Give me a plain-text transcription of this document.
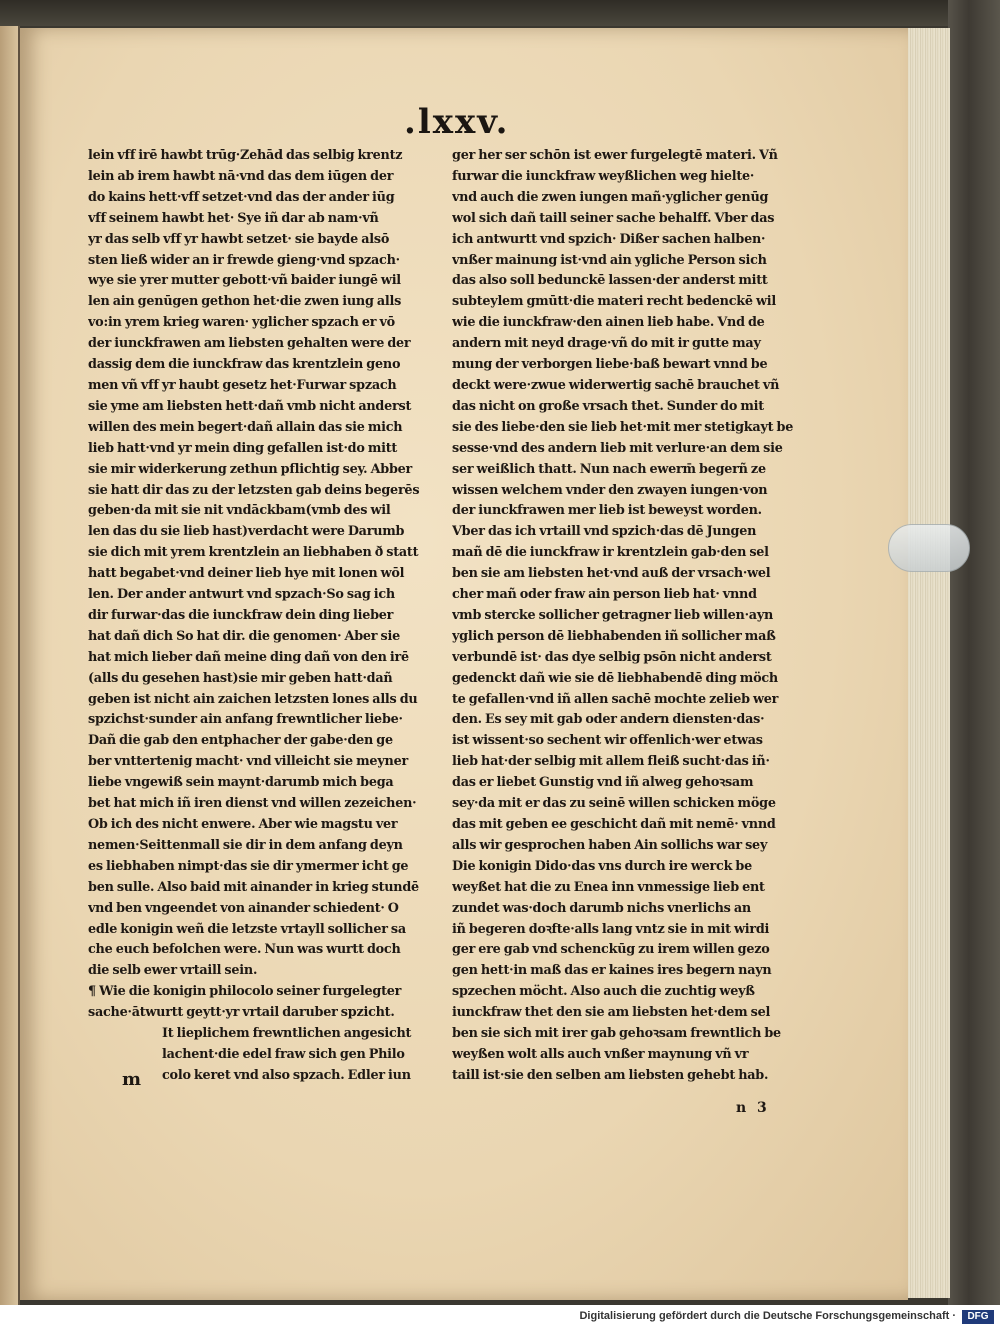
.lxxv.
lein vff irē hawbt trūg·Zehād das selbig krentz
lein ab irem hawbt nā·vnd das dem iūgen der
do kains hett·vff setzet·vnd das der ander iūg
vff seinem hawbt het· Sye iñ dar ab nam·vñ
yr das selb vff yr hawbt setzet· sie bayde alsō
sten ließ wider an ir frewde gieng·vnd spzach·
wye sie yrer mutter gebott·vñ baider iungē wil
len ain genūgen gethon het·die zwen iung alls
vo:in yrem krieg waren· yglicher spzach er vō
der iunckfrawen am liebsten gehalten were der
dassig dem die iunckfraw das krentzlein geno
men vñ vff yr haubt gesetz het·Furwar spzach
sie yme am liebsten hett·dañ vmb nicht anderst
willen des mein begert·dañ allain das sie mich
lieb hatt·vnd yr mein ding gefallen ist·do mitt
sie mir widerkerung zethun pflichtig sey. Abber
sie hatt dir das zu der letzsten gab deins begerēs
geben·da mit sie nit vndāckbam(vmb des wil
len das du sie lieb hast)verdacht were Darumb
sie dich mit yrem krentzlein an liebhaben ð statt
hatt begabet·vnd deiner lieb hye mit lonen wōl
len. Der ander antwurt vnd spzach·So sag ich
dir furwar·das die iunckfraw dein ding lieber
hat dañ dich So hat dir. die genomen· Aber sie
hat mich lieber dañ meine ding dañ von den irē
(alls du gesehen hast)sie mir geben hatt·dañ
geben ist nicht ain zaichen letzsten lones alls du
spzichst·sunder ain anfang frewntlicher liebe·
Dañ die gab den entphacher der gabe·den ge
ber vnttertenig macht· vnd villeicht sie meyner
liebe vngewiß sein maynt·darumb mich bega
bet hat mich iñ iren dienst vnd willen zezeichen·
Ob ich des nicht enwere. Aber wie magstu ver
nemen·Seittenmall sie dir in dem anfang deyn
es liebhaben nimpt·das sie dir ymermer icht ge
ben sulle. Also baid mit ainander in krieg stundē
vnd ben vngeendet von ainander schiedent· O
edle konigin weñ die letzste vrtayll sollicher sa
che euch befolchen were. Nun was wurtt doch
die selb ewer vrtaill sein.
¶ Wie die konigin philocolo seiner furgelegter
sache·ātwurtt geytt·yr vrtail daruber spzicht.
It lieplichem frewntlichen angesicht
lachent·die edel fraw sich gen Philo
colo keret vnd also spzach. Edler iun
ger her ser schōn ist ewer furgelegtē materi. Vñ
furwar die iunckfraw weyßlichen weg hielte·
vnd auch die zwen iungen mañ·yglicher genūg
wol sich dañ taill seiner sache behalff. Vber das
ich antwurtt vnd spzich· Dißer sachen halben·
vnßer mainung ist·vnd ain ygliche Person sich
das also soll bedunckē lassen·der anderst mitt
subteylem gmūtt·die materi recht bedenckē wil
wie die iunckfraw·den ainen lieb habe. Vnd de
andern mit neyd drage·vñ do mit ir gutte may
mung der verborgen liebe·baß bewart vnnd be
deckt were·zwue widerwertig sachē brauchet vñ
das nicht on große vrsach thet. Sunder do mit
sie des liebe·den sie lieb het·mit mer stetigkayt be
sesse·vnd des andern lieb mit verlure·an dem sie
ser weißlich thatt. Nun nach ewerm̄ begerñ ze
wissen welchem vnder den zwayen iungen·von
der iunckfrawen mer lieb ist beweyst worden.
Vber das ich vrtaill vnd spzich·das dē Jungen
mañ dē die iunckfraw ir krentzlein gab·den sel
ben sie am liebsten het·vnd auß der vrsach·wel
cher mañ oder fraw ain person lieb hat· vnnd
vmb stercke sollicher getragner lieb willen·ayn
yglich person dē liebhabenden iñ sollicher maß
verbundē ist· das dye selbig psōn nicht anderst
gedenckt dañ wie sie dē liebhabendē ding möch
te gefallen·vnd iñ allen sachē mochte zelieb wer
den. Es sey mit gab oder andern diensten·das·
ist wissent·so sechent wir offenlich·wer etwas
lieb hat·der selbig mit allem fleiß sucht·das iñ·
das er liebet Gunstig vnd iñ alweg gehoꝛsam
sey·da mit er das zu seinē willen schicken möge
das mit geben ee geschicht dañ mit nemē· vnnd
alls wir gesprochen haben Ain sollichs war sey
Die konigin Dido·das vns durch ire werck be
weyßet hat die zu Enea inn vnmessige lieb ent
zundet was·doch darumb nichs vnerlichs an
iñ begeren doꝛfte·alls lang vntz sie in mit wirdi
ger ere gab vnd schenckūg zu irem willen gezo
gen hett·in maß das er kaines ires begern nayn
spzechen möcht. Also auch die zuchtig weyß
iunckfraw thet den sie am liebsten het·dem sel
ben sie sich mit irer gab gehoꝛsam frewntlich be
weyßen wolt alls auch vnßer maynung vñ vr
taill ist·sie den selben am liebsten gehebt hab.
m
n 3
Digitalisierung gefördert durch die Deutsche Forschungsgemeinschaft ·	DFG
